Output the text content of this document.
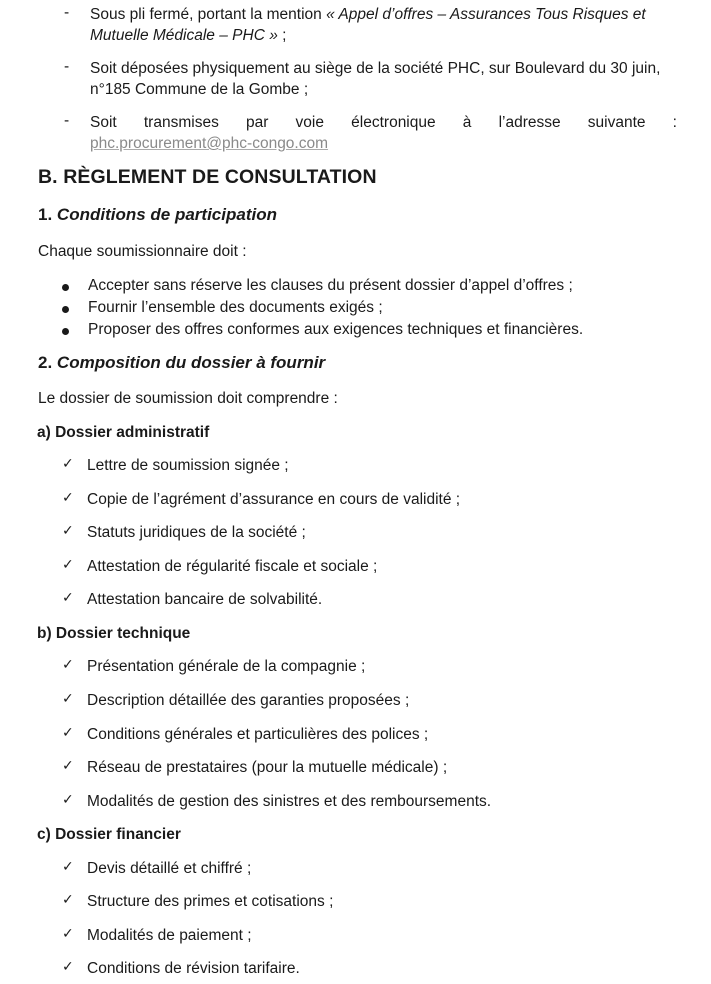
- Sous pli fermé, portant la mention « Appel d’offres – Assurances Tous Risques et
Mutuelle Médicale – PHC » ;
- Soit déposées physiquement au siège de la société PHC, sur Boulevard du 30 juin,
n°185 Commune de la Gombe ;
- Soit transmises par voie électronique à l’adresse suivante :
phc.procurement@phc-congo.com
B. RÈGLEMENT DE CONSULTATION
1. Conditions de participation
Chaque soumissionnaire doit :
Accepter sans réserve les clauses du présent dossier d’appel d’offres ;
Fournir l’ensemble des documents exigés ;
Proposer des offres conformes aux exigences techniques et financières.
2. Composition du dossier à fournir
Le dossier de soumission doit comprendre :
a) Dossier administratif
✓ Lettre de soumission signée ;
✓ Copie de l’agrément d’assurance en cours de validité ;
✓ Statuts juridiques de la société ;
✓ Attestation de régularité fiscale et sociale ;
✓ Attestation bancaire de solvabilité.
b) Dossier technique
✓ Présentation générale de la compagnie ;
✓ Description détaillée des garanties proposées ;
✓ Conditions générales et particulières des polices ;
✓ Réseau de prestataires (pour la mutuelle médicale) ;
✓ Modalités de gestion des sinistres et des remboursements.
c) Dossier financier
✓ Devis détaillé et chiffré ;
✓ Structure des primes et cotisations ;
✓ Modalités de paiement ;
✓ Conditions de révision tarifaire.
